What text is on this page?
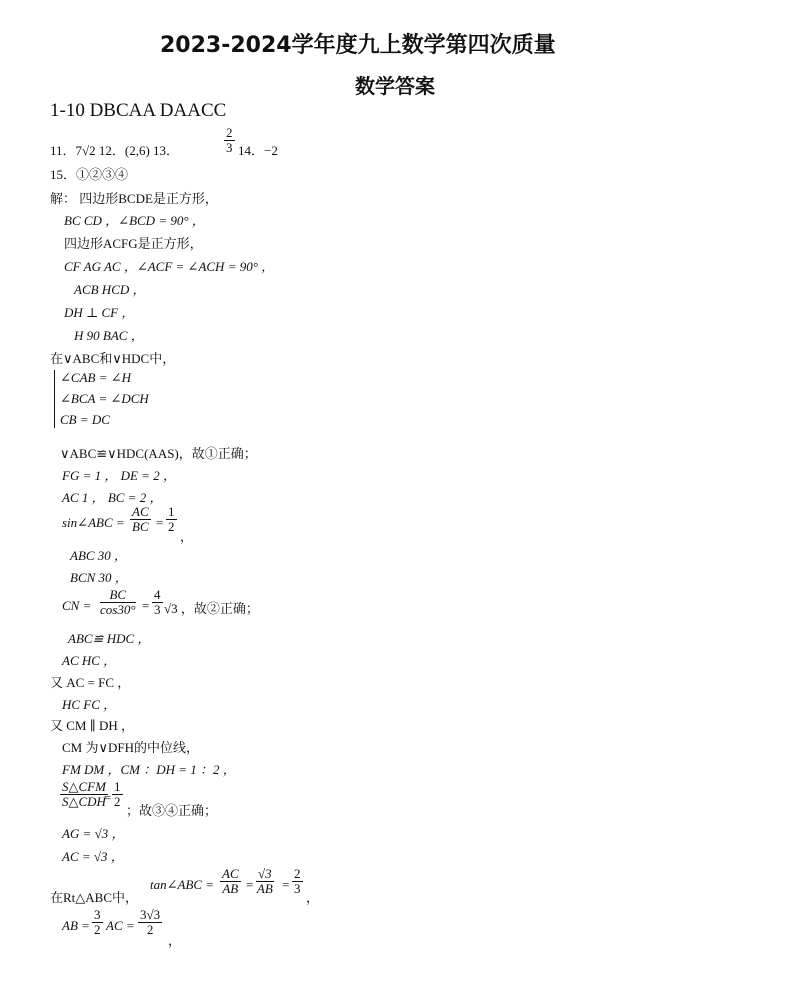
2023-2024学年度九上数学第四次质量
数学答案
1-10 DBCAA DAACC
11．7√2 12．(2,6) 13．	$\frac{2}{3} 14$．−2
15．①②③④
解： 四边形BCDE是正方形，
BC CD ，∠BCD = 90° ，
四边形ACFG是正方形，
CF AG AC ，∠ACF = ∠ACH = 90° ，
ACB HCD ，
DH ⊥ CF ，
H 90 BAC ，
在∨ABC和∨HDC中，
∠CAB = ∠H
∠BCA = ∠DCH
CB = DC
∨ABC≌∨HDC(AAS)，故①正确；
FG = 1 ， DE = 2 ，
AC 1 ， BC = 2 ，
sin∠ABC = $\frac{AC}{BC} = \frac{1}{2}$
，
ABC 30 ，
BCN 30 ，
CN = $\frac{BC}{\cos 30^\circ} = \frac{4}{3} √3$ ，故②正确；
ABC≌ HDC ，
AC HC ，
又 AC = FC ，
HC FC ，
又 CM ∥ DH ，
CM 为∨DFH的中位线，
FM DM ，CM ：DH = 1 ：2 ，
S△CFM
S△CDH
= $\frac{1}{2}$
；故③④正确；
AG = √3 ，
AC = √3 ，
在Rt△ABC中，
tan∠ABC = $\frac{AC}{AB} = \frac{√3}{AB} = \frac{2}{3}$
，
AB = $\frac{3}{2}$ AC = $\frac{3√3}{2}$
，
